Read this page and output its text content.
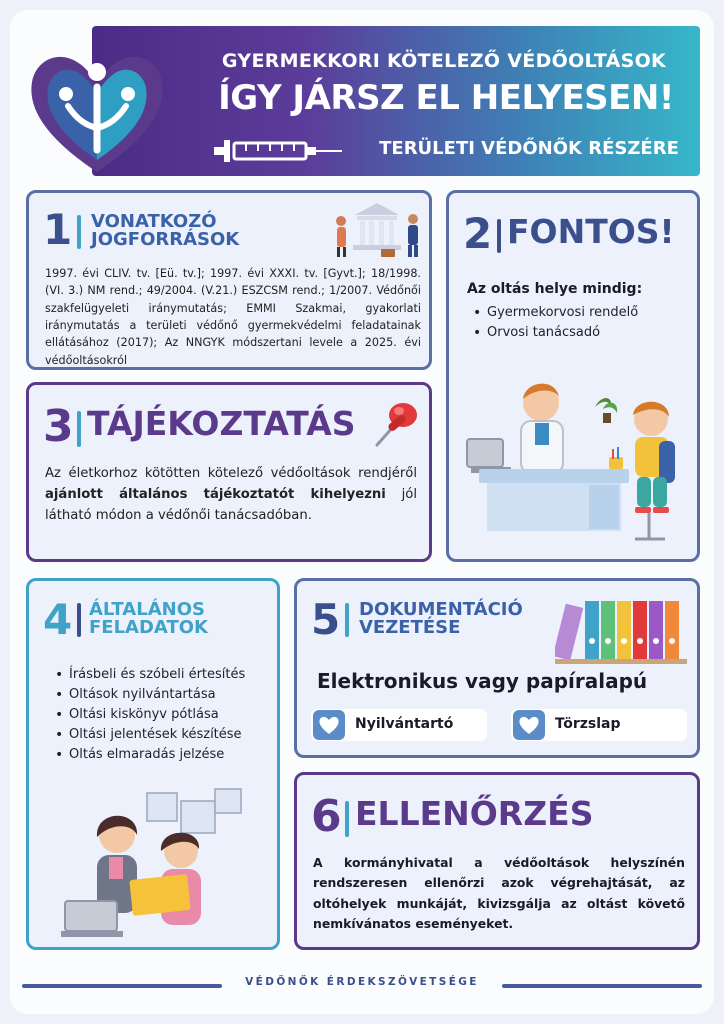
GYERMEKKORI KÖTELEZŐ VÉDŐOLTÁSOK
ÍGY JÁRSZ EL HELYESEN!
TERÜLETI VÉDŐNŐK RÉSZÉRE
1 VONATKOZÓ
JOGFORRÁSOK
1997. évi CLIV. tv. [Eü. tv.]; 1997. évi XXXI. tv. [Gyvt.]; 18/1998. (VI. 3.) NM rend.; 49/2004. (V.21.) ESZCSM rend.; 1/2007. Védőnői szakfelügyeleti iránymutatás; EMMI Szakmai, gyakorlati iránymutatás a területi védőnő gyermekvédelmi feladatainak ellátásához (2017); Az NNGYK módszertani levele a 2025. évi védőoltásokról
2 FONTOS!
Az oltás helye mindig:
• Gyermekorvosi rendelő
• Orvosi tanácsadó
3 TÁJÉKOZTATÁS
Az életkorhoz kötötten kötelező védőoltások rendjéről ajánlott általános tájékoztatót kihelyezni jól látható módon a védőnői tanácsadóban.
4 ÁLTALÁNOS
FELADATOK
• Írásbeli és szóbeli értesítés
• Oltások nyilvántartása
• Oltási kiskönyv pótlása
• Oltási jelentések készítése
• Oltás elmaradás jelzése
5 DOKUMENTÁCIÓ
VEZETÉSE
Elektronikus vagy papíralapú
Nyilvántartó	Törzslap
6 ELLENŐRZÉS
A kormányhivatal a védőoltások helyszínén rendszeresen ellenőrzi azok végrehajtását, az oltóhelyek munkáját, kivizsgálja az oltást követő nemkívánatos eseményeket.
VÉDŐNŐK ÉRDEKSZÖVETSÉGE
